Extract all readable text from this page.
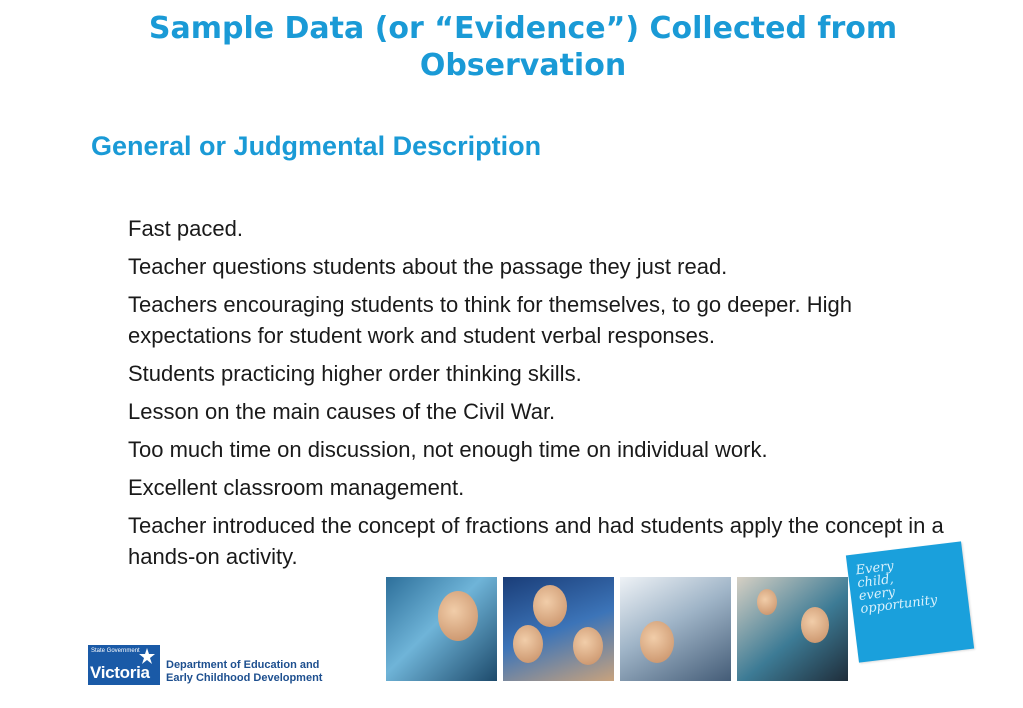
Sample Data (or “Evidence”) Collected from Observation
General or Judgmental Description
Fast paced.
Teacher questions students about the passage they just read.
Teachers encouraging students to think for themselves, to go deeper. High expectations for student work and student verbal responses.
Students practicing higher order thinking skills.
Lesson on the main causes of the Civil War.
Too much time on discussion, not enough time on individual work.
Excellent classroom management.
Teacher introduced the concept of fractions and had students apply the concept in a hands-on activity.	Every
child,
every
opportunity
State Government
Victoria Department of Education and
Early Childhood Development
